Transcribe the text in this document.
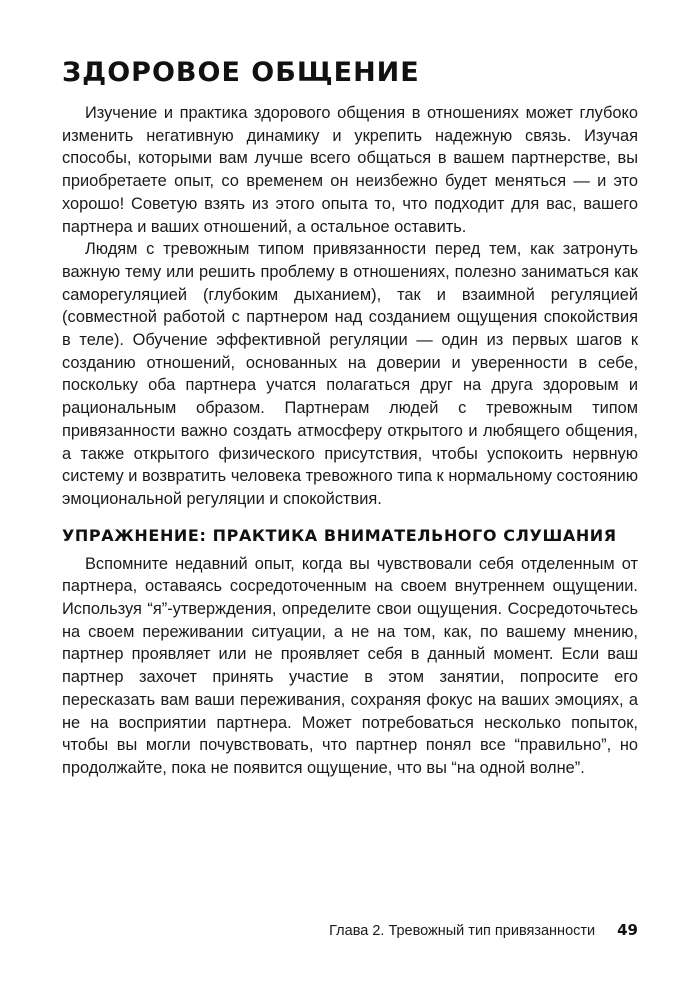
ЗДОРОВОЕ ОБЩЕНИЕ

Изучение и практика здорового общения в отношениях может глубоко изменить негативную динамику и укрепить надежную связь. Изучая способы, которыми вам лучше всего общаться в вашем партнерстве, вы приобретаете опыт, со временем он неизбежно будет меняться — и это хорошо! Советую взять из этого опыта то, что подходит для вас, вашего партнера и ваших отношений, а остальное оставить.

Людям с тревожным типом привязанности перед тем, как затронуть важную тему или решить проблему в отношениях, полезно заниматься как саморегуляцией (глубоким дыханием), так и взаимной регуляцией (совместной работой с партнером над созданием ощущения спокойствия в теле). Обучение эффективной регуляции — один из первых шагов к созданию отношений, основанных на доверии и уверенности в себе, поскольку оба партнера учатся полагаться друг на друга здоровым и рациональным образом. Партнерам людей с тревожным типом привязанности важно создать атмосферу открытого и любящего общения, а также открытого физического присутствия, чтобы успокоить нервную систему и возвратить человека тревожного типа к нормальному состоянию эмоциональной регуляции и спокойствия.

УПРАЖНЕНИЕ: ПРАКТИКА ВНИМАТЕЛЬНОГО СЛУШАНИЯ

Вспомните недавний опыт, когда вы чувствовали себя отделенным от партнера, оставаясь сосредоточенным на своем внутреннем ощущении. Используя “я”-утверждения, определите свои ощущения. Сосредоточьтесь на своем переживании ситуации, а не на том, как, по вашему мнению, партнер проявляет или не проявляет себя в данный момент. Если ваш партнер захочет принять участие в этом занятии, попросите его пересказать вам ваши переживания, сохраняя фокус на ваших эмоциях, а не на восприятии партнера. Может потребоваться несколько попыток, чтобы вы могли почувствовать, что партнер понял все “правильно”, но продолжайте, пока не появится ощущение, что вы “на одной волне”.

Глава 2. Тревожный тип привязанности 49
